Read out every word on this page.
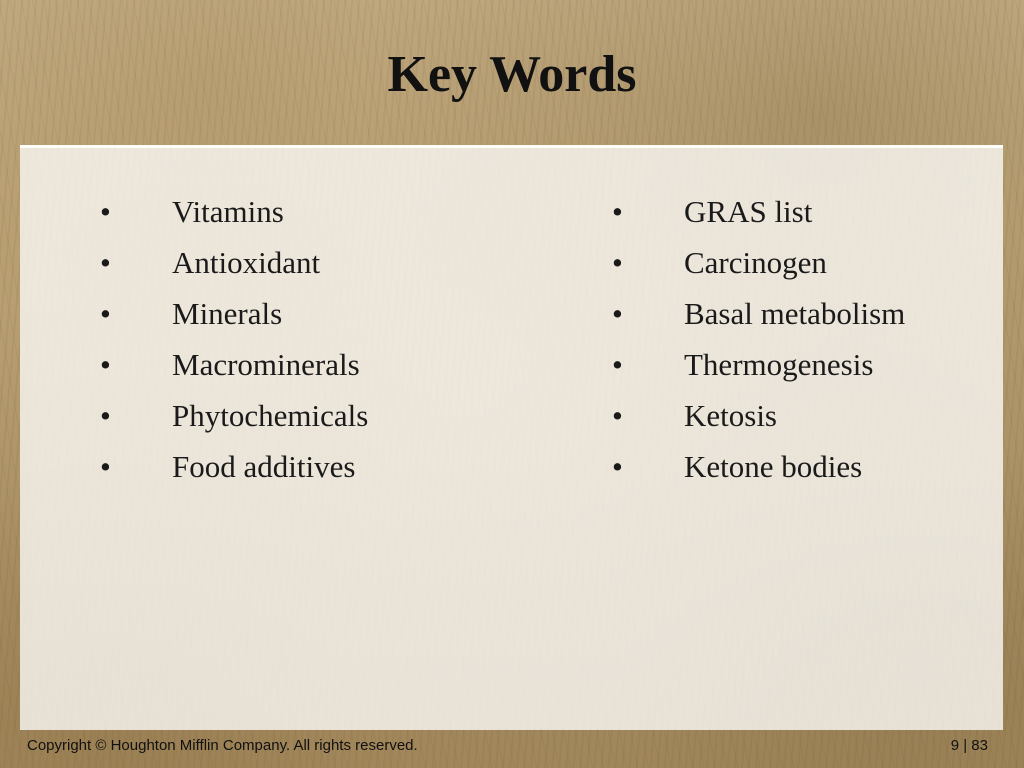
Key Words
• Vitamins
• Antioxidant
• Minerals
• Macrominerals
• Phytochemicals
• Food additives
• GRAS list
• Carcinogen
• Basal metabolism
• Thermogenesis
• Ketosis
• Ketone bodies
Copyright © Houghton Mifflin Company. All rights reserved.	9 | 83
